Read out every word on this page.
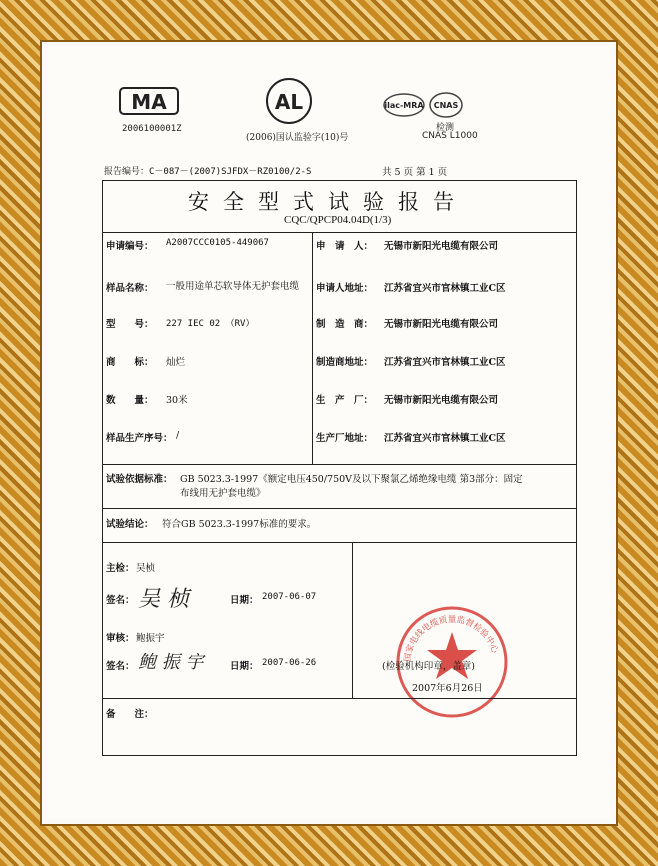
MA
2006100001Z
AL
(2006)国认监验字(10)号
ilac-MRA CNAS
检测
CNAS L1000
报告编号：C－087－(2007)SJFDX－RZ0100/2-S	共 5 页 第 1 页
安全型式试验报告
CQC/QPCP04.04D(1/3)
申请编号： A2007CCC0105-449067
样品名称： 一般用途单芯软导体无护套电缆
型　　号： 227 IEC 02 （RV）
商　　标： 灿烂
数　　量： 30米
样品生产序号： /
申　请　人： 无锡市新阳光电缆有限公司
申请人地址： 江苏省宜兴市官林镇工业C区
制　造　商： 无锡市新阳光电缆有限公司
制造商地址： 江苏省宜兴市官林镇工业C区
生　产　厂： 无锡市新阳光电缆有限公司
生产厂地址： 江苏省宜兴市官林镇工业C区
试验依据标准： GB 5023.3-1997《额定电压450/750V及以下聚氯乙烯绝缘电缆 第3部分：固定
布线用无护套电缆》
试验结论： 符合GB 5023.3-1997标准的要求。
主检： 吴桢
签名： 吴 桢	日期： 2007-06-07
审核： 鲍振宇
签名： 鲍 振 宇	日期： 2007-06-26
国家电线电缆质量监督检验中心
(检验机构印章，盖章)
2007年6月26日
备　　注：
